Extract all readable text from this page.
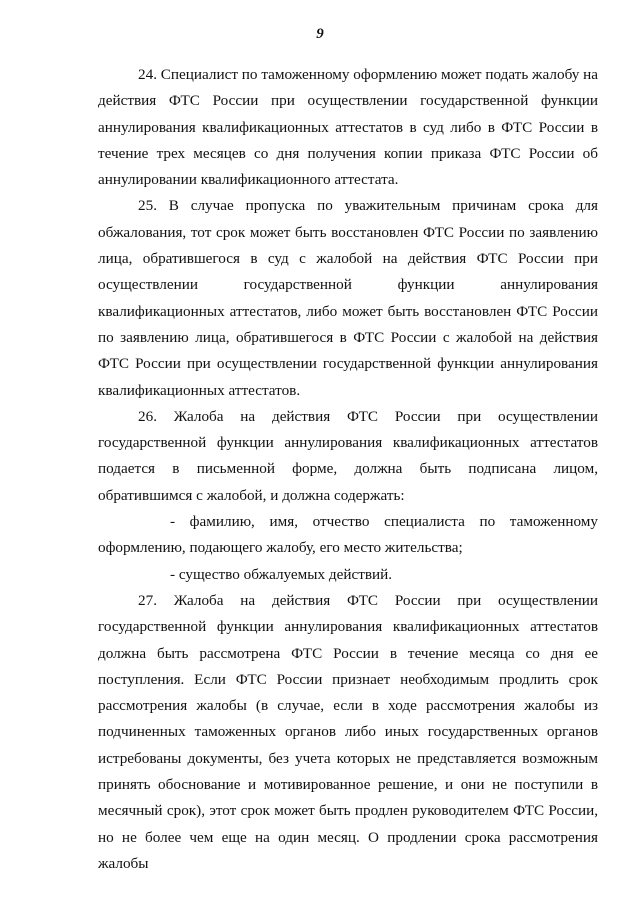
9

24. Специалист по таможенному оформлению может подать жалобу на действия ФТС России при осуществлении государственной функции аннулирования квалификационных аттестатов в суд либо в ФТС России в течение трех месяцев со дня получения копии приказа ФТС России об аннулировании квалификационного аттестата.

25. В случае пропуска по уважительным причинам срока для обжалования, тот срок может быть восстановлен ФТС России по заявлению лица, обратившегося в суд с жалобой на действия ФТС России при осуществлении государственной функции аннулирования квалификационных аттестатов, либо может быть восстановлен ФТС России по заявлению лица, обратившегося в ФТС России с жалобой на действия ФТС России при осуществлении государственной функции аннулирования квалификационных аттестатов.

26. Жалоба на действия ФТС России при осуществлении государственной функции аннулирования квалификационных аттестатов подается в письменной форме, должна быть подписана лицом, обратившимся с жалобой, и должна содержать:

- фамилию, имя, отчество специалиста по таможенному оформлению, подающего жалобу, его место жительства;

- существо обжалуемых действий.

27. Жалоба на действия ФТС России при осуществлении государственной функции аннулирования квалификационных аттестатов должна быть рассмотрена ФТС России в течение месяца со дня ее поступления. Если ФТС России признает необходимым продлить срок рассмотрения жалобы (в случае, если в ходе рассмотрения жалобы из подчиненных таможенных органов либо иных государственных органов истребованы документы, без учета которых не представляется возможным принять обоснование и мотивированное решение, и они не поступили в месячный срок), этот срок может быть продлен руководителем ФТС России, но не более чем еще на один месяц. О продлении срока рассмотрения жалобы
